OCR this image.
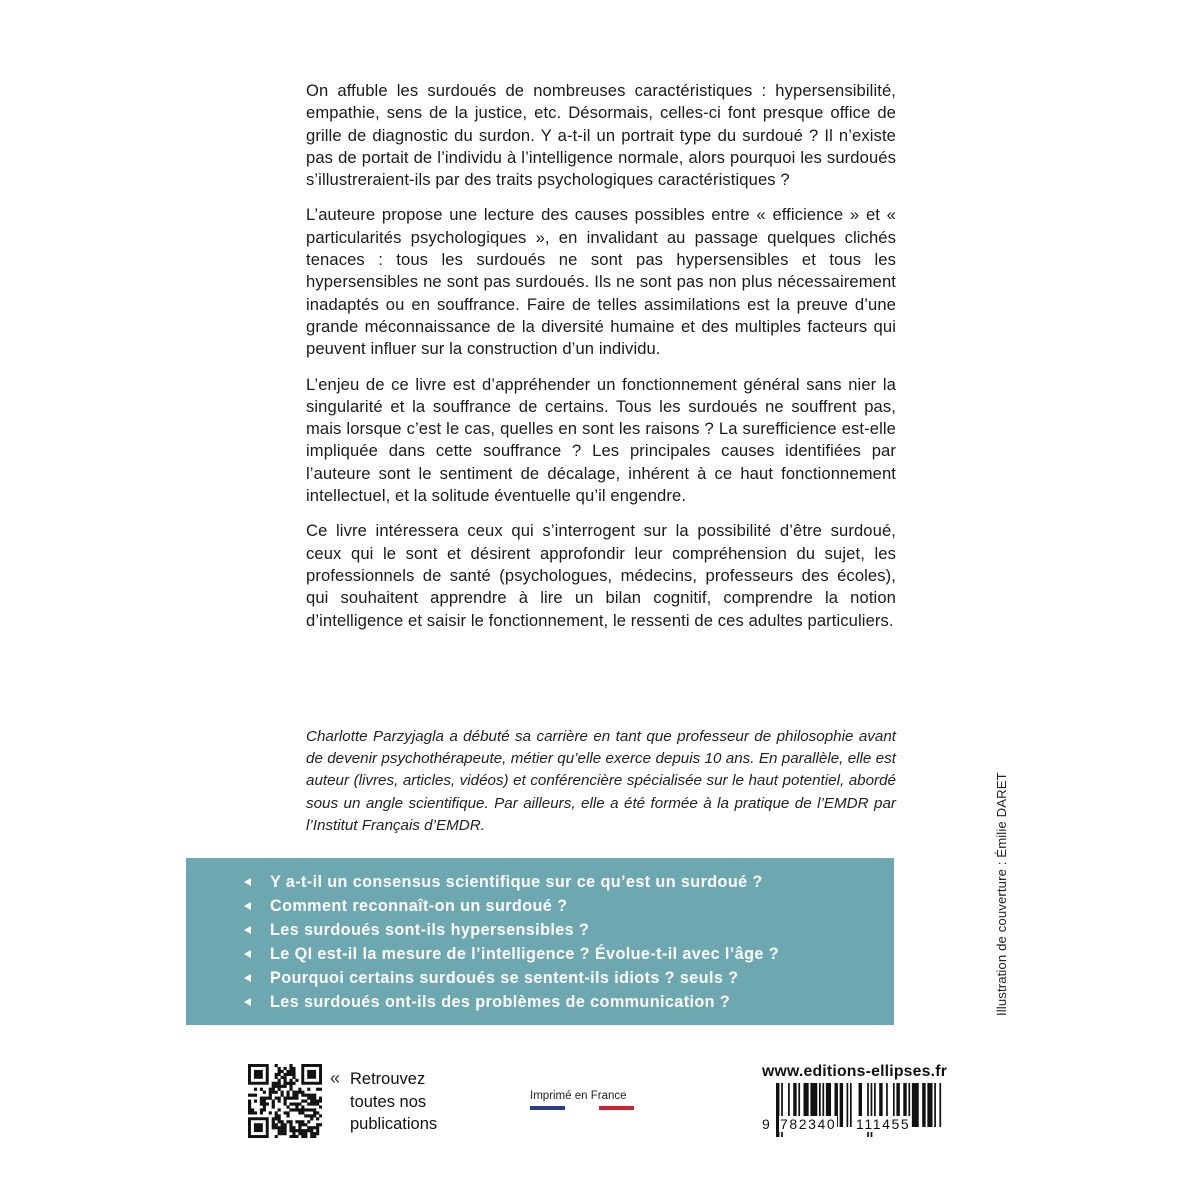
On affuble les surdoués de nombreuses caractéristiques : hypersensibilité, empathie, sens de la justice, etc. Désormais, celles-ci font presque office de grille de diagnostic du surdon. Y a-t-il un portrait type du surdoué ? Il n’existe pas de portait de l’individu à l’intelligence normale, alors pourquoi les surdoués s’illustreraient-ils par des traits psychologiques caractéristiques ?

L’auteure propose une lecture des causes possibles entre « efficience » et « particularités psychologiques », en invalidant au passage quelques clichés tenaces : tous les surdoués ne sont pas hypersensibles et tous les hypersensibles ne sont pas surdoués. Ils ne sont pas non plus nécessairement inadaptés ou en souffrance. Faire de telles assimilations est la preuve d’une grande méconnaissance de la diversité humaine et des multiples facteurs qui peuvent influer sur la construction d’un individu.

L’enjeu de ce livre est d’appréhender un fonctionnement général sans nier la singularité et la souffrance de certains. Tous les surdoués ne souffrent pas, mais lorsque c’est le cas, quelles en sont les raisons ? La surefficience est-elle impliquée dans cette souffrance ? Les principales causes identifiées par l’auteure sont le sentiment de décalage, inhérent à ce haut fonctionnement intellectuel, et la solitude éventuelle qu’il engendre.

Ce livre intéressera ceux qui s’interrogent sur la possibilité d’être surdoué, ceux qui le sont et désirent approfondir leur compréhension du sujet, les professionnels de santé (psychologues, médecins, professeurs des écoles), qui souhaitent apprendre à lire un bilan cognitif, comprendre la notion d’intelligence et saisir le fonctionnement, le ressenti de ces adultes particuliers.

Charlotte Parzyjagla a débuté sa carrière en tant que professeur de philosophie avant de devenir psychothérapeute, métier qu’elle exerce depuis 10 ans. En parallèle, elle est auteur (livres, articles, vidéos) et conférencière spécialisée sur le haut potentiel, abordé sous un angle scientifique. Par ailleurs, elle a été formée à la pratique de l’EMDR par l’Institut Français d’EMDR.

Y a-t-il un consensus scientifique sur ce qu’est un surdoué ?
Comment reconnaît-on un surdoué ?
Les surdoués sont-ils hypersensibles ?
Le QI est-il la mesure de l’intelligence ? Évolue-t-il avec l’âge ?
Pourquoi certains surdoués se sentent-ils idiots ? seuls ?
Les surdoués ont-ils des problèmes de communication ?	Illustration de couverture : Émilie DARET
« Retrouvez
toutes nos
publications
Imprimé en France
www.editions-ellipses.fr
9 782340 111455
